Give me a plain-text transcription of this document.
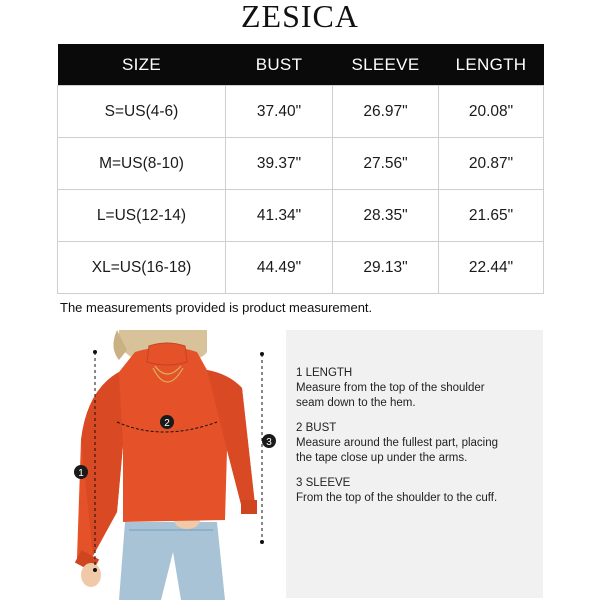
ZESICA
SIZE	BUST	SLEEVE	LENGTH
S=US(4-6)	37.40"	26.97"	20.08"
M=US(8-10)	39.37"	27.56"	20.87"
L=US(12-14)	41.34"	28.35"	21.65"
XL=US(16-18)	44.49"	29.13"	22.44"
The measurements provided is product measurement.
1
2
3
1 LENGTH
Measure from the top of the shoulder
seam down to the hem.
2 BUST
Measure around the fullest part, placing
the tape close up under the arms.
3 SLEEVE
From the top of the shoulder to the cuff.
